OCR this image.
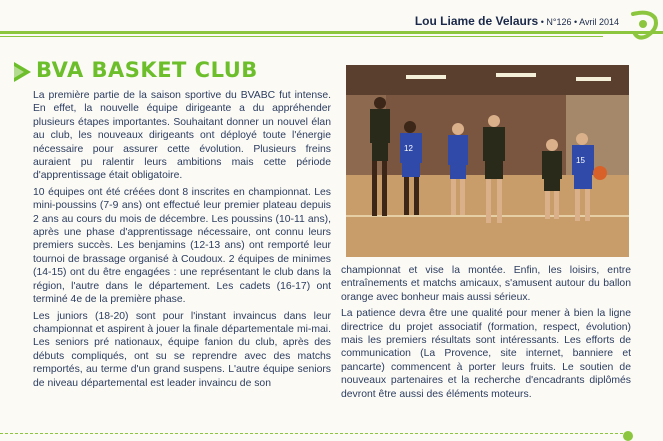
Lou Liame de Velaurs • N°126 • Avril 2014
BVA BASKET CLUB

La première partie de la saison sportive du BVABC fut intense. En effet, la nouvelle équipe dirigeante a du appréhender plusieurs étapes importantes. Souhaitant donner un nouvel élan au club, les nouveaux dirigeants ont déployé toute l'énergie nécessaire pour assurer cette évolution. Plusieurs freins auraient pu ralentir leurs ambitions mais cette période d'apprentissage était obligatoire.

10 équipes ont été créées dont 8 inscrites en championnat. Les mini-poussins (7-9 ans) ont effectué leur premier plateau depuis 2 ans au cours du mois de décembre. Les poussins (10-11 ans), après une phase d'apprentissage nécessaire, ont connu leurs premiers succès. Les benjamins (12-13 ans) ont remporté leur tournoi de brassage organisé à Coudoux. 2 équipes de minimes (14-15) ont du être engagées : une représentant le club dans la région, l'autre dans le département. Les cadets (16-17) ont terminé 4e de la première phase.

Les juniors (18-20) sont pour l'instant invaincus dans leur championnat et aspirent à jouer la finale départementale mi-mai. Les seniors pré nationaux, équipe fanion du club, après des débuts compliqués, ont su se reprendre avec des matchs remportés, au terme d'un grand suspens. L'autre équipe seniors de niveau départemental est leader invaincu de son

12
15

championnat et vise la montée. Enfin, les loisirs, entre entraînements et matchs amicaux, s'amusent autour du ballon orange avec bonheur mais aussi sérieux.

La patience devra être une qualité pour mener à bien la ligne directrice du projet associatif (formation, respect, évolution) mais les premiers résultats sont intéressants. Les efforts de communication (La Provence, site internet, banniere et pancarte) commencent à porter leurs fruits. Le soutien de nouveaux partenaires et la recherche d'encadrants diplômés devront être aussi des éléments moteurs.
